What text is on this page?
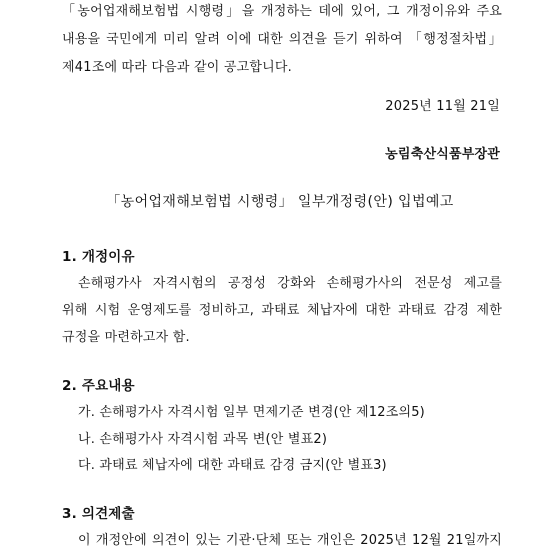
「농어업재해보험법 시행령」을 개정하는 데에 있어, 그 개정이유와 주요
내용을 국민에게 미리 알려 이에 대한 의견을 듣기 위하여 「행정절차법」
제41조에 따라 다음과 같이 공고합니다.
2025년 11월 21일
농림축산식품부장관
「농어업재해보험법 시행령」 일부개정령(안) 입법예고
1. 개정이유
손해평가사 자격시험의 공정성 강화와 손해평가사의 전문성 제고를
위해 시험 운영제도를 정비하고, 과태료 체납자에 대한 과태료 감경 제한
규정을 마련하고자 함.
2. 주요내용
가. 손해평가사 자격시험 일부 면제기준 변경(안 제12조의5)
나. 손해평가사 자격시험 과목 변(안 별표2)
다. 과태료 체납자에 대한 과태료 감경 금지(안 별표3)
3. 의견제출
이 개정안에 의견이 있는 기관·단체 또는 개인은 2025년 12월 21일까지
